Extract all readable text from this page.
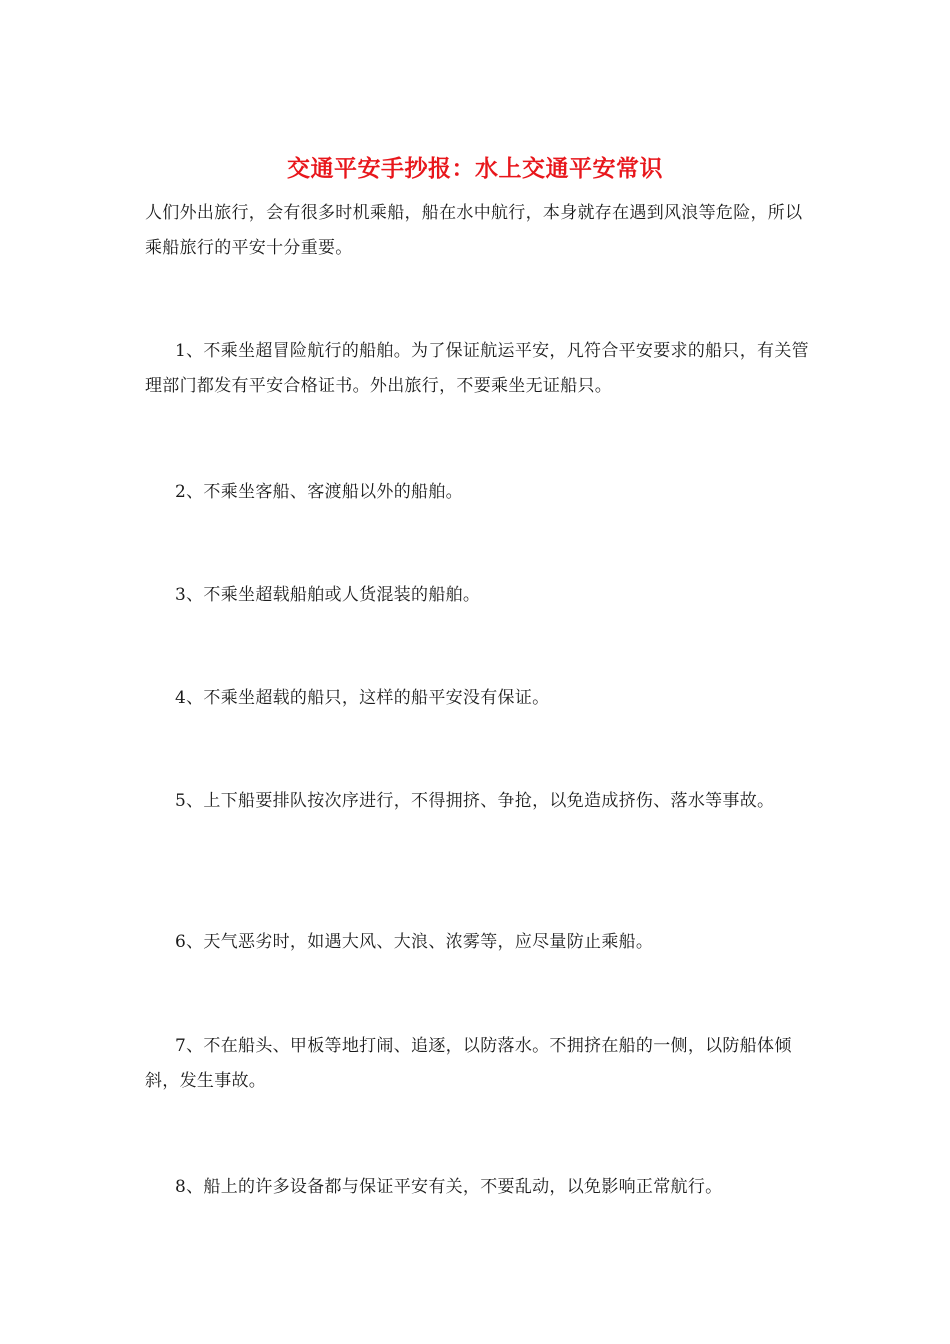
交通平安手抄报：水上交通平安常识
人们外出旅行，会有很多时机乘船，船在水中航行，本身就存在遇到风浪等危险，所以乘船旅行的平安十分重要。
1、不乘坐超冒险航行的船舶。为了保证航运平安，凡符合平安要求的船只，有关管理部门都发有平安合格证书。外出旅行，不要乘坐无证船只。
2、不乘坐客船、客渡船以外的船舶。
3、不乘坐超载船舶或人货混装的船舶。
4、不乘坐超载的船只，这样的船平安没有保证。
5、上下船要排队按次序进行，不得拥挤、争抢，以免造成挤伤、落水等事故。
6、天气恶劣时，如遇大风、大浪、浓雾等，应尽量防止乘船。
7、不在船头、甲板等地打闹、追逐，以防落水。不拥挤在船的一侧，以防船体倾斜，发生事故。
8、船上的许多设备都与保证平安有关，不要乱动，以免影响正常航行。
